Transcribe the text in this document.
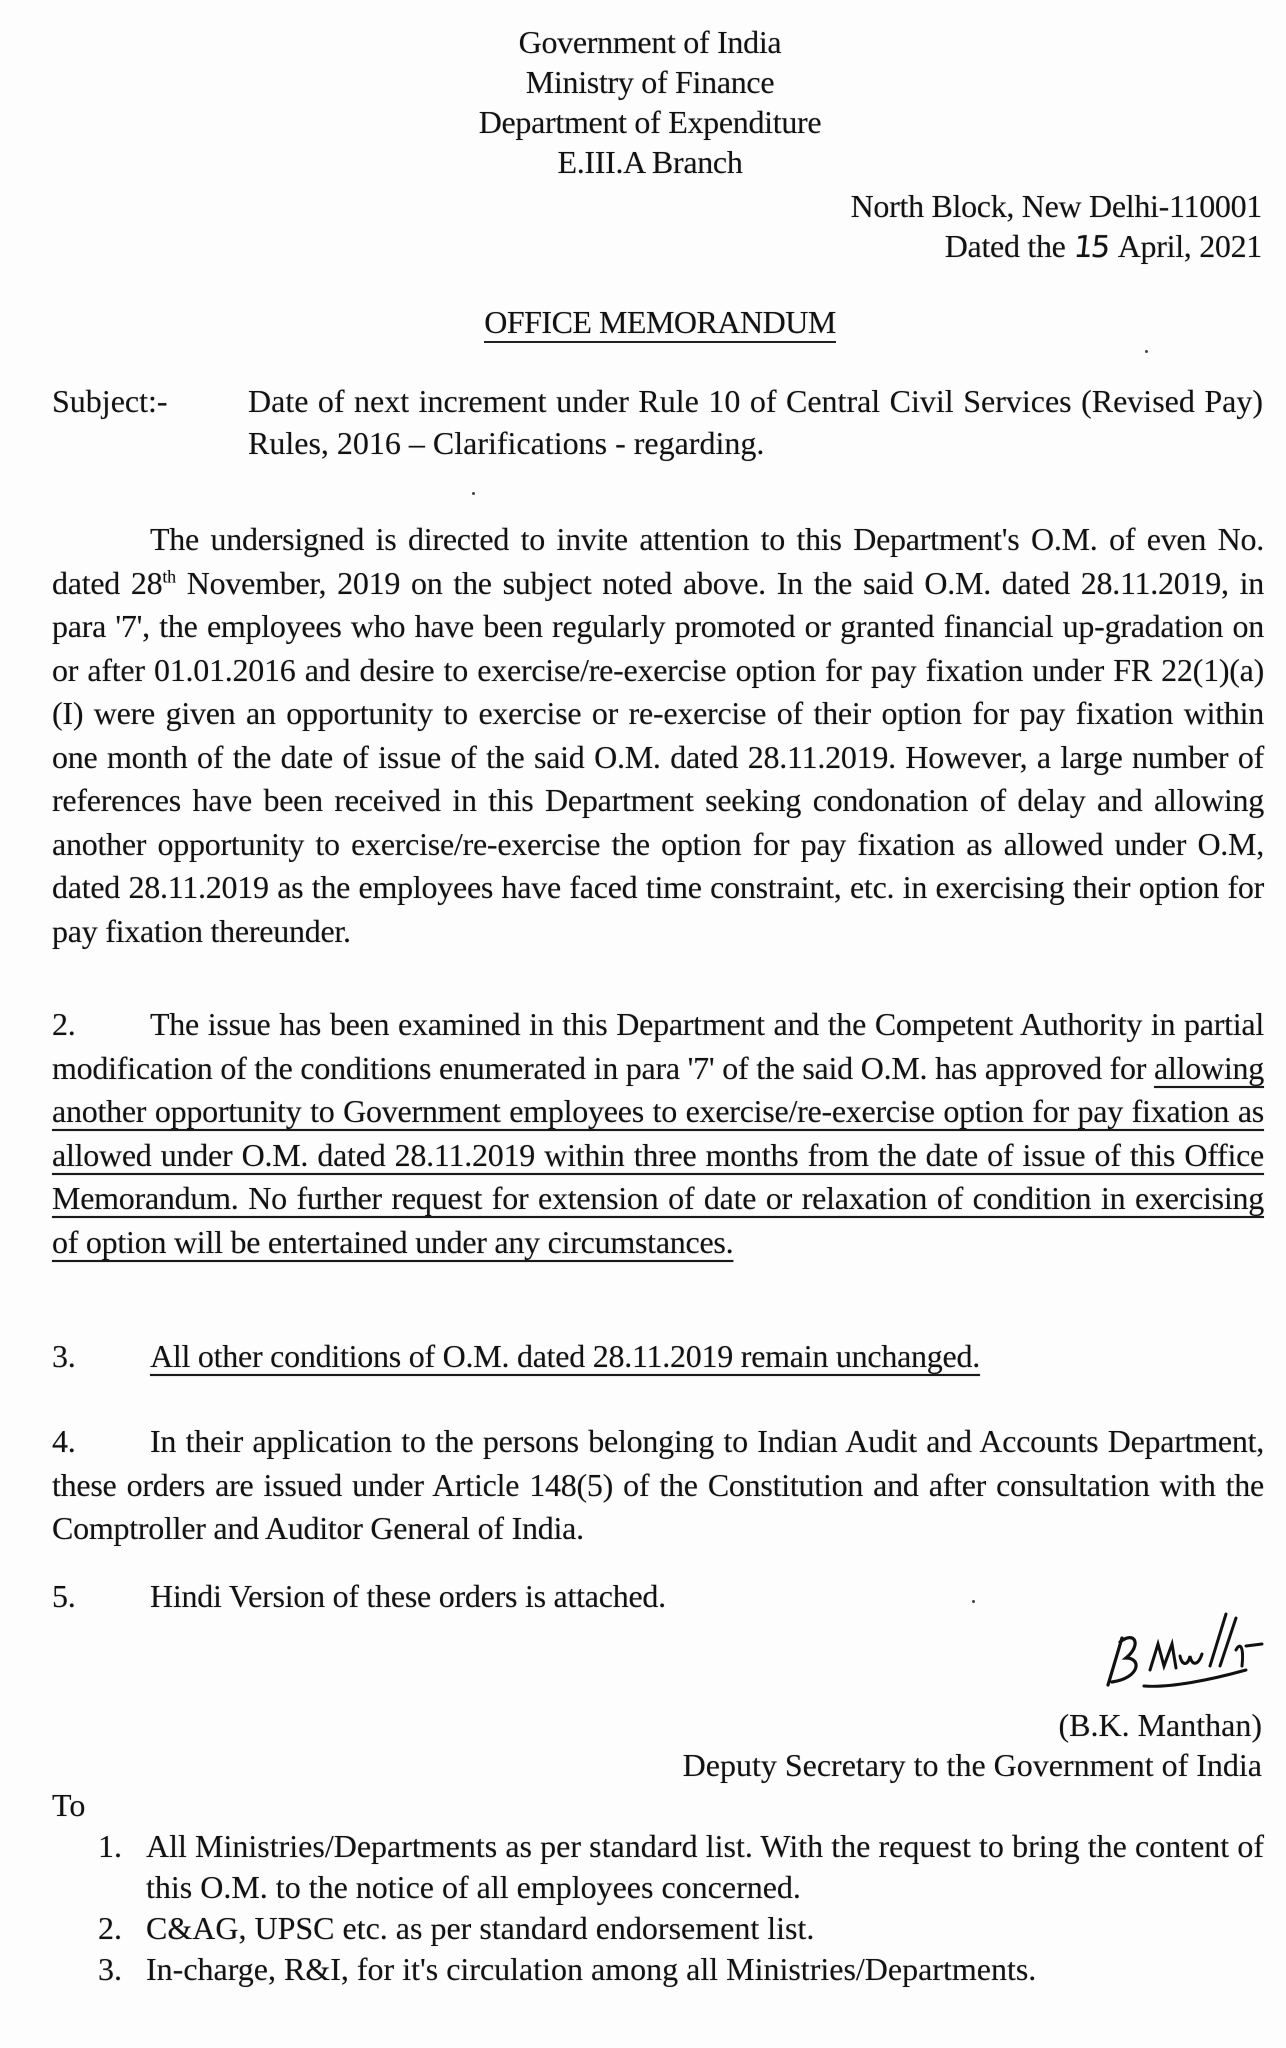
Government of India
Ministry of Finance
Department of Expenditure
E.III.A Branch
North Block, New Delhi-110001
Dated the 15 April, 2021
OFFICE MEMORANDUM
Subject:-	Date of next increment under Rule 10 of Central Civil Services (Revised Pay) Rules, 2016 – Clarifications - regarding.
The undersigned is directed to invite attention to this Department's O.M. of even No. dated 28th November, 2019 on the subject noted above. In the said O.M. dated 28.11.2019, in para '7', the employees who have been regularly promoted or granted financial up-gradation on or after 01.01.2016 and desire to exercise/re-exercise option for pay fixation under FR 22(1)(a)(I) were given an opportunity to exercise or re-exercise of their option for pay fixation within one month of the date of issue of the said O.M. dated 28.11.2019. However, a large number of references have been received in this Department seeking condonation of delay and allowing another opportunity to exercise/re-exercise the option for pay fixation as allowed under O.M, dated 28.11.2019 as the employees have faced time constraint, etc. in exercising their option for pay fixation thereunder.
2. The issue has been examined in this Department and the Competent Authority in partial modification of the conditions enumerated in para '7' of the said O.M. has approved for allowing another opportunity to Government employees to exercise/re-exercise option for pay fixation as allowed under O.M. dated 28.11.2019 within three months from the date of issue of this Office Memorandum. No further request for extension of date or relaxation of condition in exercising of option will be entertained under any circumstances.
3. All other conditions of O.M. dated 28.11.2019 remain unchanged.
4. In their application to the persons belonging to Indian Audit and Accounts Department, these orders are issued under Article 148(5) of the Constitution and after consultation with the Comptroller and Auditor General of India.
5. Hindi Version of these orders is attached.
(B.K. Manthan)
Deputy Secretary to the Government of India
To
1. All Ministries/Departments as per standard list. With the request to bring the content of this O.M. to the notice of all employees concerned.
2. C&AG, UPSC etc. as per standard endorsement list.
3. In-charge, R&I, for it's circulation among all Ministries/Departments.
